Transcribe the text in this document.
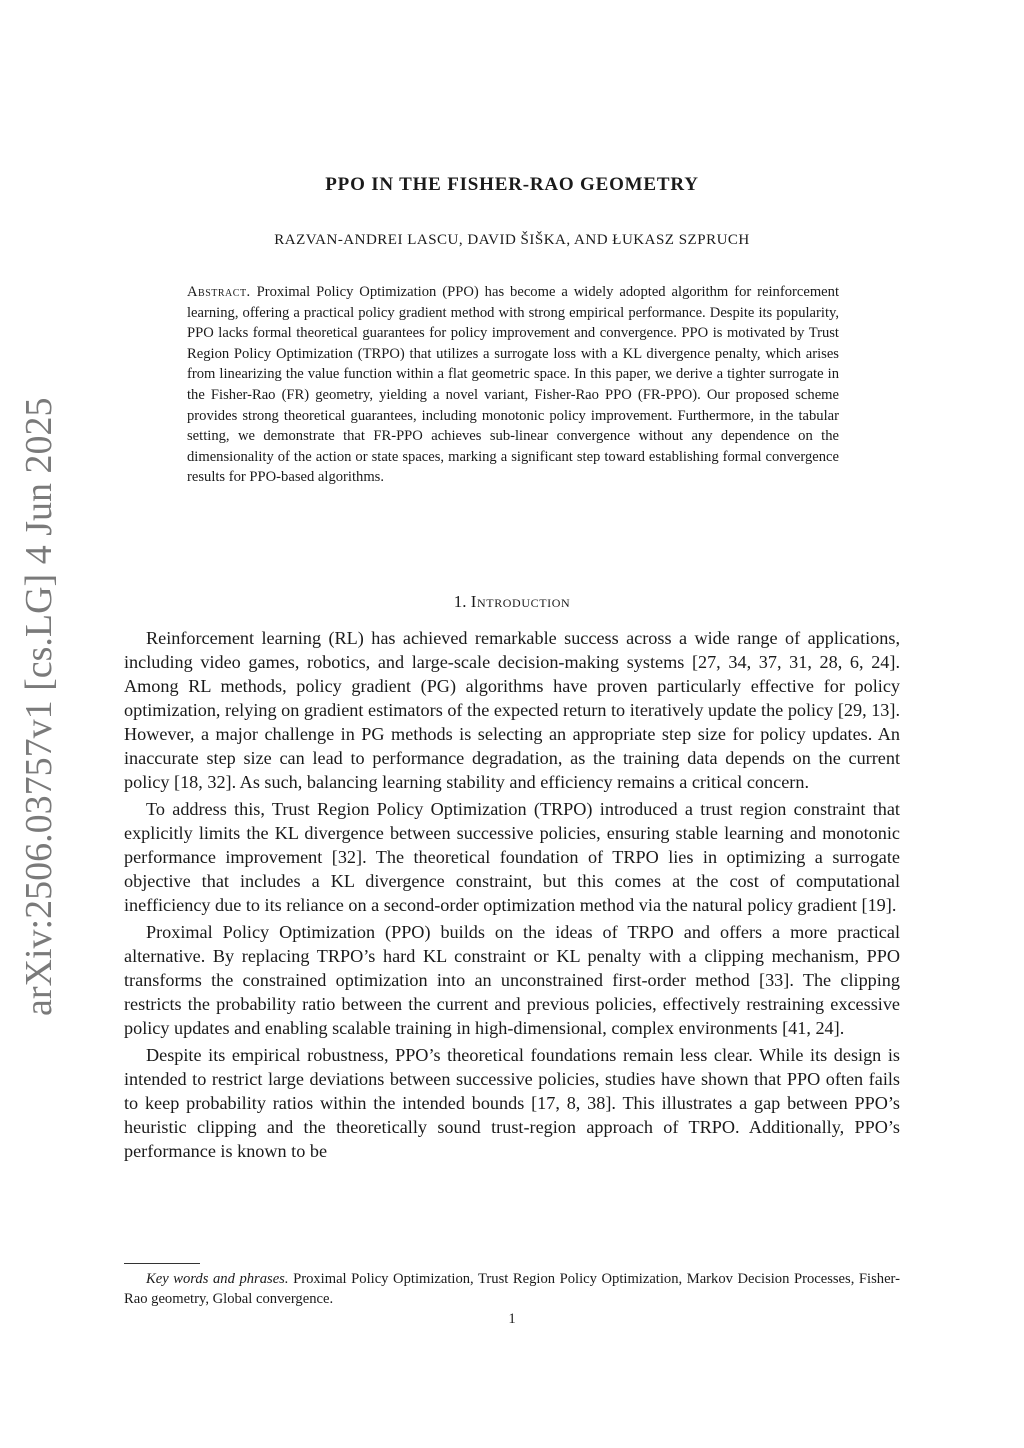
arXiv:2506.03757v1 [cs.LG] 4 Jun 2025
PPO IN THE FISHER-RAO GEOMETRY
RAZVAN-ANDREI LASCU, DAVID ŠIŠKA, AND ŁUKASZ SZPRUCH

Abstract. Proximal Policy Optimization (PPO) has become a widely adopted algorithm for reinforcement learning, offering a practical policy gradient method with strong empirical performance. Despite its popularity, PPO lacks formal theoretical guarantees for policy improvement and convergence. PPO is motivated by Trust Region Policy Optimization (TRPO) that utilizes a surrogate loss with a KL divergence penalty, which arises from linearizing the value function within a flat geometric space. In this paper, we derive a tighter surrogate in the Fisher-Rao (FR) geometry, yielding a novel variant, Fisher-Rao PPO (FR-PPO). Our proposed scheme provides strong theoretical guarantees, including monotonic policy improvement. Furthermore, in the tabular setting, we demonstrate that FR-PPO achieves sub-linear convergence without any dependence on the dimensionality of the action or state spaces, marking a significant step toward establishing formal convergence results for PPO-based algorithms.

1. Introduction

Reinforcement learning (RL) has achieved remarkable success across a wide range of applications, including video games, robotics, and large-scale decision-making systems [27, 34, 37, 31, 28, 6, 24]. Among RL methods, policy gradient (PG) algorithms have proven particularly effective for policy optimization, relying on gradient estimators of the expected return to iteratively update the policy [29, 13]. However, a major challenge in PG methods is selecting an appropriate step size for policy updates. An inaccurate step size can lead to performance degradation, as the training data depends on the current policy [18, 32]. As such, balancing learning stability and efficiency remains a critical concern.

To address this, Trust Region Policy Optimization (TRPO) introduced a trust region constraint that explicitly limits the KL divergence between successive policies, ensuring stable learning and monotonic performance improvement [32]. The theoretical foundation of TRPO lies in optimizing a surrogate objective that includes a KL divergence constraint, but this comes at the cost of computational inefficiency due to its reliance on a second-order optimization method via the natural policy gradient [19].

Proximal Policy Optimization (PPO) builds on the ideas of TRPO and offers a more practical alternative. By replacing TRPO’s hard KL constraint or KL penalty with a clipping mechanism, PPO transforms the constrained optimization into an unconstrained first-order method [33]. The clipping restricts the probability ratio between the current and previous policies, effectively restraining excessive policy updates and enabling scalable training in high-dimensional, complex environments [41, 24].

Despite its empirical robustness, PPO’s theoretical foundations remain less clear. While its design is intended to restrict large deviations between successive policies, studies have shown that PPO often fails to keep probability ratios within the intended bounds [17, 8, 38]. This illustrates a gap between PPO’s heuristic clipping and the theoretically sound trust-region approach of TRPO. Additionally, PPO’s performance is known to be

Key words and phrases. Proximal Policy Optimization, Trust Region Policy Optimization, Markov Decision Processes, Fisher-Rao geometry, Global convergence.

1
